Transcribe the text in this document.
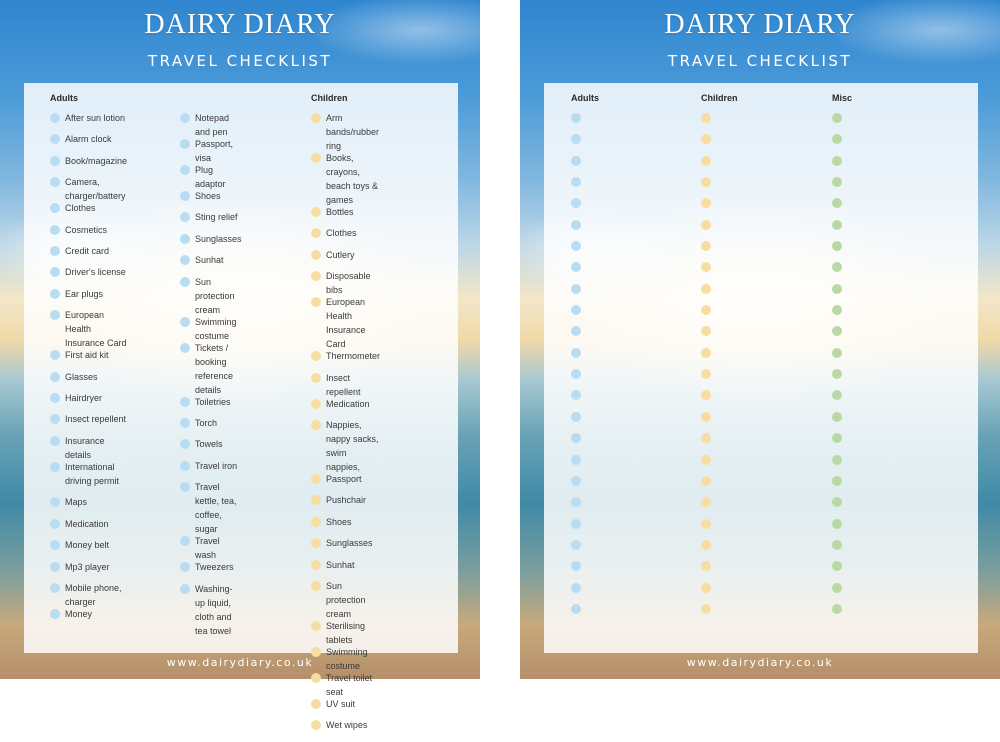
DAIRY DIARY
TRAVEL CHECKLIST
Adults
After sun lotion
Alarm clock
Book/magazine
Camera, charger/battery
Clothes
Cosmetics
Credit card
Driver's license
Ear plugs
European Health Insurance Card
First aid kit
Glasses
Hairdryer
Insect repellent
Insurance details
International driving permit
Maps
Medication
Money belt
Mp3 player
Mobile phone, charger
Money
Notepad and pen
Passport, visa
Plug adaptor
Shoes
Sting relief
Sunglasses
Sunhat
Sun protection cream
Swimming costume
Tickets / booking reference details
Toiletries
Torch
Towels
Travel iron
Travel kettle, tea, coffee, sugar
Travel wash
Tweezers
Washing-up liquid, cloth and tea towel
Children
Arm bands/rubber ring
Books, crayons, beach toys & games
Bottles
Clothes
Cutlery
Disposable bibs
European Health Insurance Card
Thermometer
Insect repellent
Medication
Nappies, nappy sacks, swim nappies,
Passport
Pushchair
Shoes
Sunglasses
Sunhat
Sun protection cream
Sterilising tablets
Swimming costume
Travel toilet seat
UV suit
Wet wipes
www.dairydiary.co.uk
DAIRY DIARY
TRAVEL CHECKLIST
Adults	Children	Misc
www.dairydiary.co.uk
